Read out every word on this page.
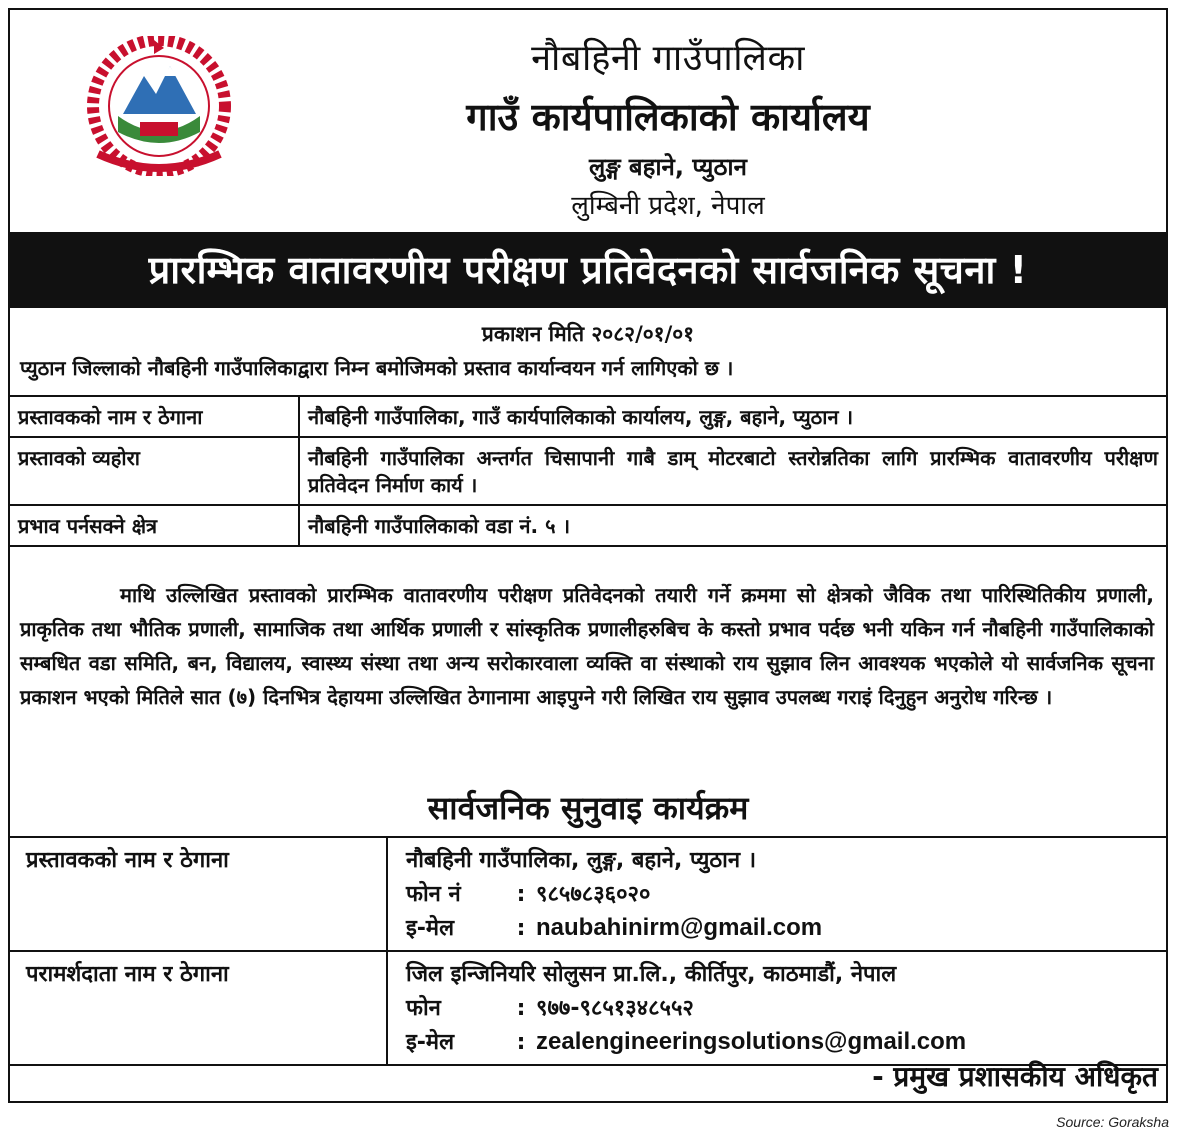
नौबहिनी गाउँपालिका
गाउँ कार्यपालिकाको कार्यालय
लुङ्ग बहाने, प्युठान
लुम्बिनी प्रदेश, नेपाल
प्रारम्भिक वातावरणीय परीक्षण प्रतिवेदनको सार्वजनिक सूचना !
प्रकाशन मिति २०८२/०१/०१
प्युठान जिल्लाको नौबहिनी गाउँपालिकाद्वारा निम्न बमोजिमको प्रस्ताव कार्यान्वयन गर्न लागिएको छ ।
प्रस्तावकको नाम र ठेगाना	नौबहिनी गाउँपालिका, गाउँ कार्यपालिकाको कार्यालय, लुङ्ग, बहाने, प्युठान ।
प्रस्तावको व्यहोरा	नौबहिनी गाउँपालिका अन्तर्गत चिसापानी गाबै डाम् मोटरबाटो स्तरोन्नतिका लागि प्रारम्भिक वातावरणीय परीक्षण प्रतिवेदन निर्माण कार्य ।
प्रभाव पर्नसक्ने क्षेत्र	नौबहिनी गाउँपालिकाको वडा नं. ५ ।
माथि उल्लिखित प्रस्तावको प्रारम्भिक वातावरणीय परीक्षण प्रतिवेदनको तयारी गर्ने क्रममा सो क्षेत्रको जैविक तथा पारिस्थितिकीय प्रणाली, प्राकृतिक तथा भौतिक प्रणाली, सामाजिक तथा आर्थिक प्रणाली र सांस्कृतिक प्रणालीहरुबिच के कस्तो प्रभाव पर्दछ भनी यकिन गर्न नौबहिनी गाउँपालिकाको सम्बधित वडा समिति, बन, विद्यालय, स्वास्थ्य संस्था तथा अन्य सरोकारवाला व्यक्ति वा संस्थाको राय सुझाव लिन आवश्यक भएकोले यो सार्वजनिक सूचना प्रकाशन भएको मितिले सात (७) दिनभित्र देहायमा उल्लिखित ठेगानामा आइपुग्ने गरी लिखित राय सुझाव उपलब्ध गराइं दिनुहुन अनुरोध गरिन्छ ।
सार्वजनिक सुनुवाइ कार्यक्रम
प्रस्तावकको नाम र ठेगाना	नौबहिनी गाउँपालिका, लुङ्ग, बहाने, प्युठान ।
फोन नं	: ९८५७८३६०२०
इ-मेल	: naubahinirm@gmail.com
परामर्शदाता नाम र ठेगाना	जिल इन्जिनियरि सोलुसन प्रा.लि., कीर्तिपुर, काठमाडौं, नेपाल
फोन	: ९७७-९८५१३४८५५२
इ-मेल	: zealengineeringsolutions@gmail.com
- प्रमुख प्रशासकीय अधिकृत
Source: Goraksha
